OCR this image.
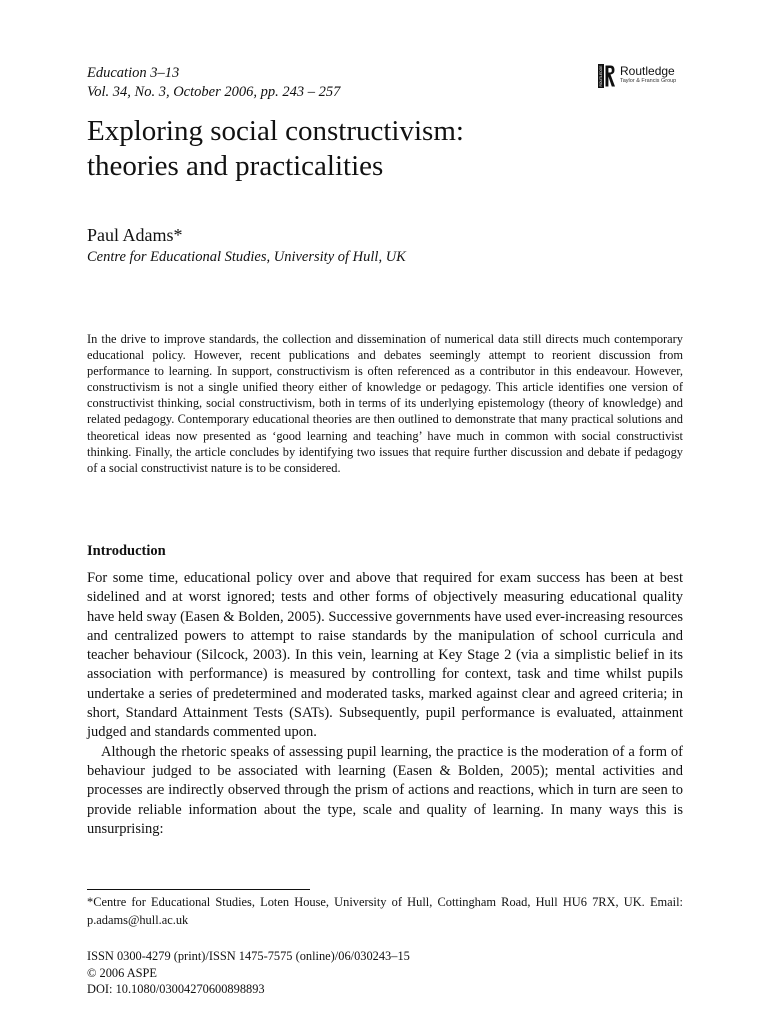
Education 3–13
Vol. 34, No. 3, October 2006, pp. 243 – 257
ROUTLEDGE Routledge
Taylor & Francis Group
Exploring social constructivism:
theories and practicalities
Paul Adams*
Centre for Educational Studies, University of Hull, UK

In the drive to improve standards, the collection and dissemination of numerical data still directs much contemporary educational policy. However, recent publications and debates seemingly attempt to reorient discussion from performance to learning. In support, constructivism is often referenced as a contributor in this endeavour. However, constructivism is not a single unified theory either of knowledge or pedagogy. This article identifies one version of constructivist thinking, social constructivism, both in terms of its underlying epistemology (theory of knowledge) and related pedagogy. Contemporary educational theories are then outlined to demonstrate that many practical solutions and theoretical ideas now presented as ‘good learning and teaching’ have much in common with social constructivist thinking. Finally, the article concludes by identifying two issues that require further discussion and debate if pedagogy of a social constructivist nature is to be considered.

Introduction

For some time, educational policy over and above that required for exam success has been at best sidelined and at worst ignored; tests and other forms of objectively measuring educational quality have held sway (Easen & Bolden, 2005). Successive governments have used ever-increasing resources and centralized powers to attempt to raise standards by the manipulation of school curricula and teacher behaviour (Silcock, 2003). In this vein, learning at Key Stage 2 (via a simplistic belief in its association with performance) is measured by controlling for context, task and time whilst pupils undertake a series of predetermined and moderated tasks, marked against clear and agreed criteria; in short, Standard Attainment Tests (SATs). Subsequently, pupil performance is evaluated, attainment judged and standards commented upon.

Although the rhetoric speaks of assessing pupil learning, the practice is the moderation of a form of behaviour judged to be associated with learning (Easen & Bolden, 2005); mental activities and processes are indirectly observed through the prism of actions and reactions, which in turn are seen to provide reliable information about the type, scale and quality of learning. In many ways this is unsurprising:

*Centre for Educational Studies, Loten House, University of Hull, Cottingham Road, Hull HU6 7RX, UK. Email: p.adams@hull.ac.uk

ISSN 0300-4279 (print)/ISSN 1475-7575 (online)/06/030243–15
© 2006 ASPE
DOI: 10.1080/03004270600898893
